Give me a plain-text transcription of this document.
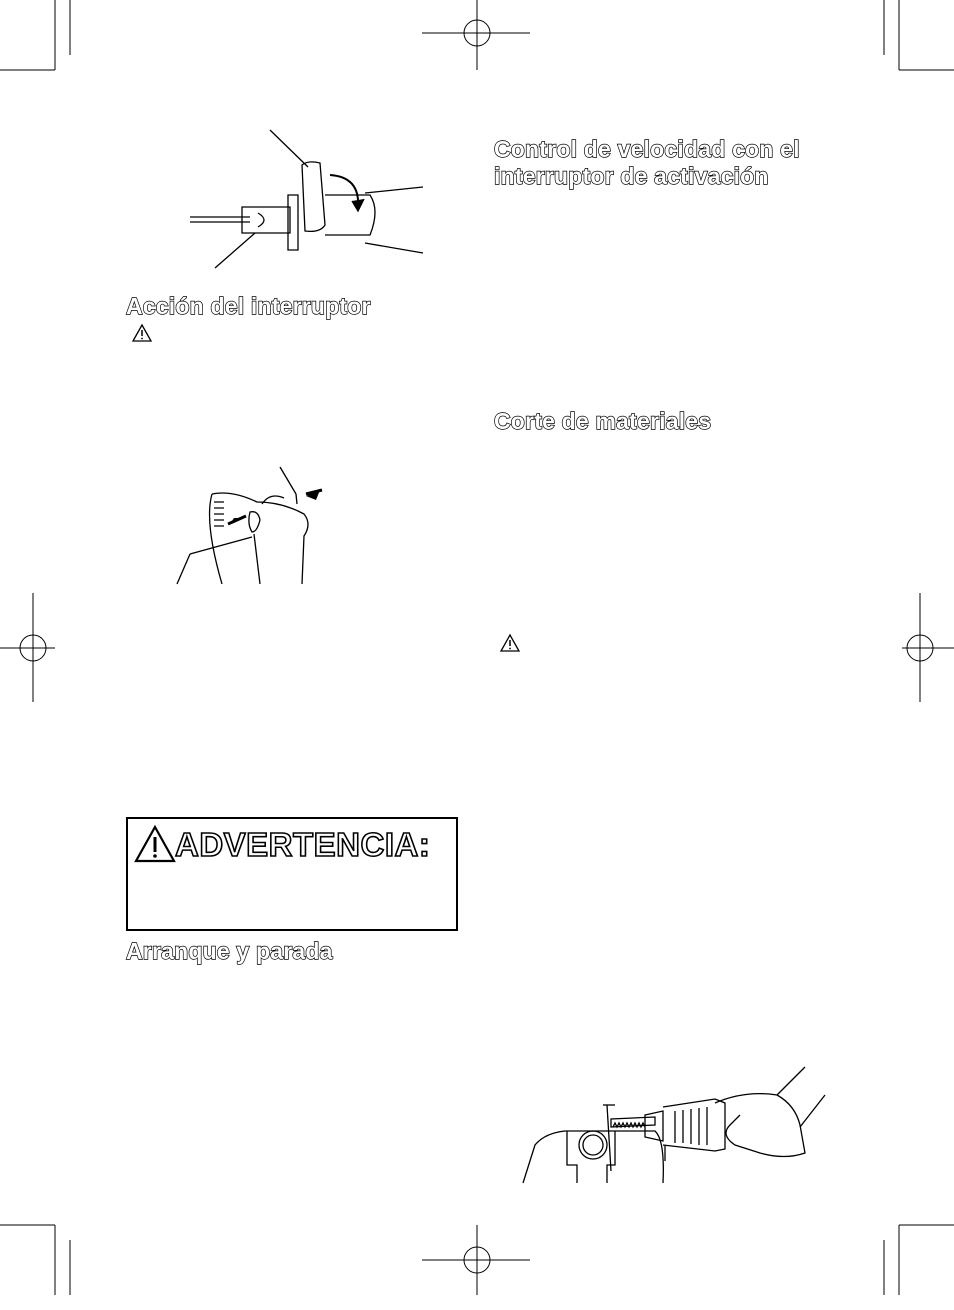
Acción del interruptor
ADVERTENCIA:
Arranque y parada
Control de velocidad con el
interruptor de activación
Corte de materiales
